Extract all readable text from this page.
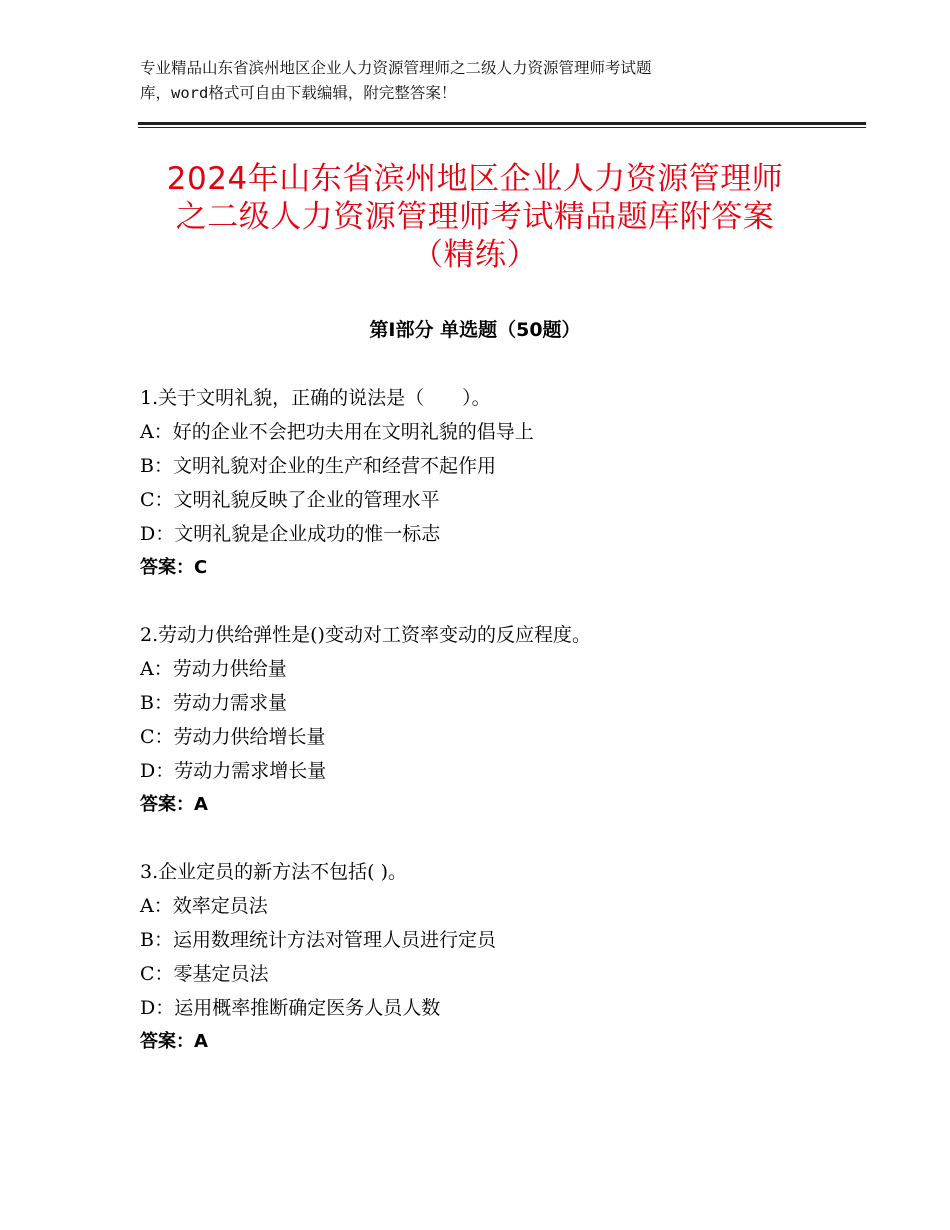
专业精品山东省滨州地区企业人力资源管理师之二级人力资源管理师考试题
库，word格式可自由下载编辑，附完整答案！
2024年山东省滨州地区企业人力资源管理师
之二级人力资源管理师考试精品题库附答案
（精练）
第Ⅰ部分 单选题（50题）
1.关于文明礼貌，正确的说法是（　　）。
A：好的企业不会把功夫用在文明礼貌的倡导上
B：文明礼貌对企业的生产和经营不起作用
C：文明礼貌反映了企业的管理水平
D：文明礼貌是企业成功的惟一标志
答案：C
2.劳动力供给弹性是()变动对工资率变动的反应程度。
A：劳动力供给量
B：劳动力需求量
C：劳动力供给增长量
D：劳动力需求增长量
答案：A
3.企业定员的新方法不包括( )。
A：效率定员法
B：运用数理统计方法对管理人员进行定员
C：零基定员法
D：运用概率推断确定医务人员人数
答案：A
